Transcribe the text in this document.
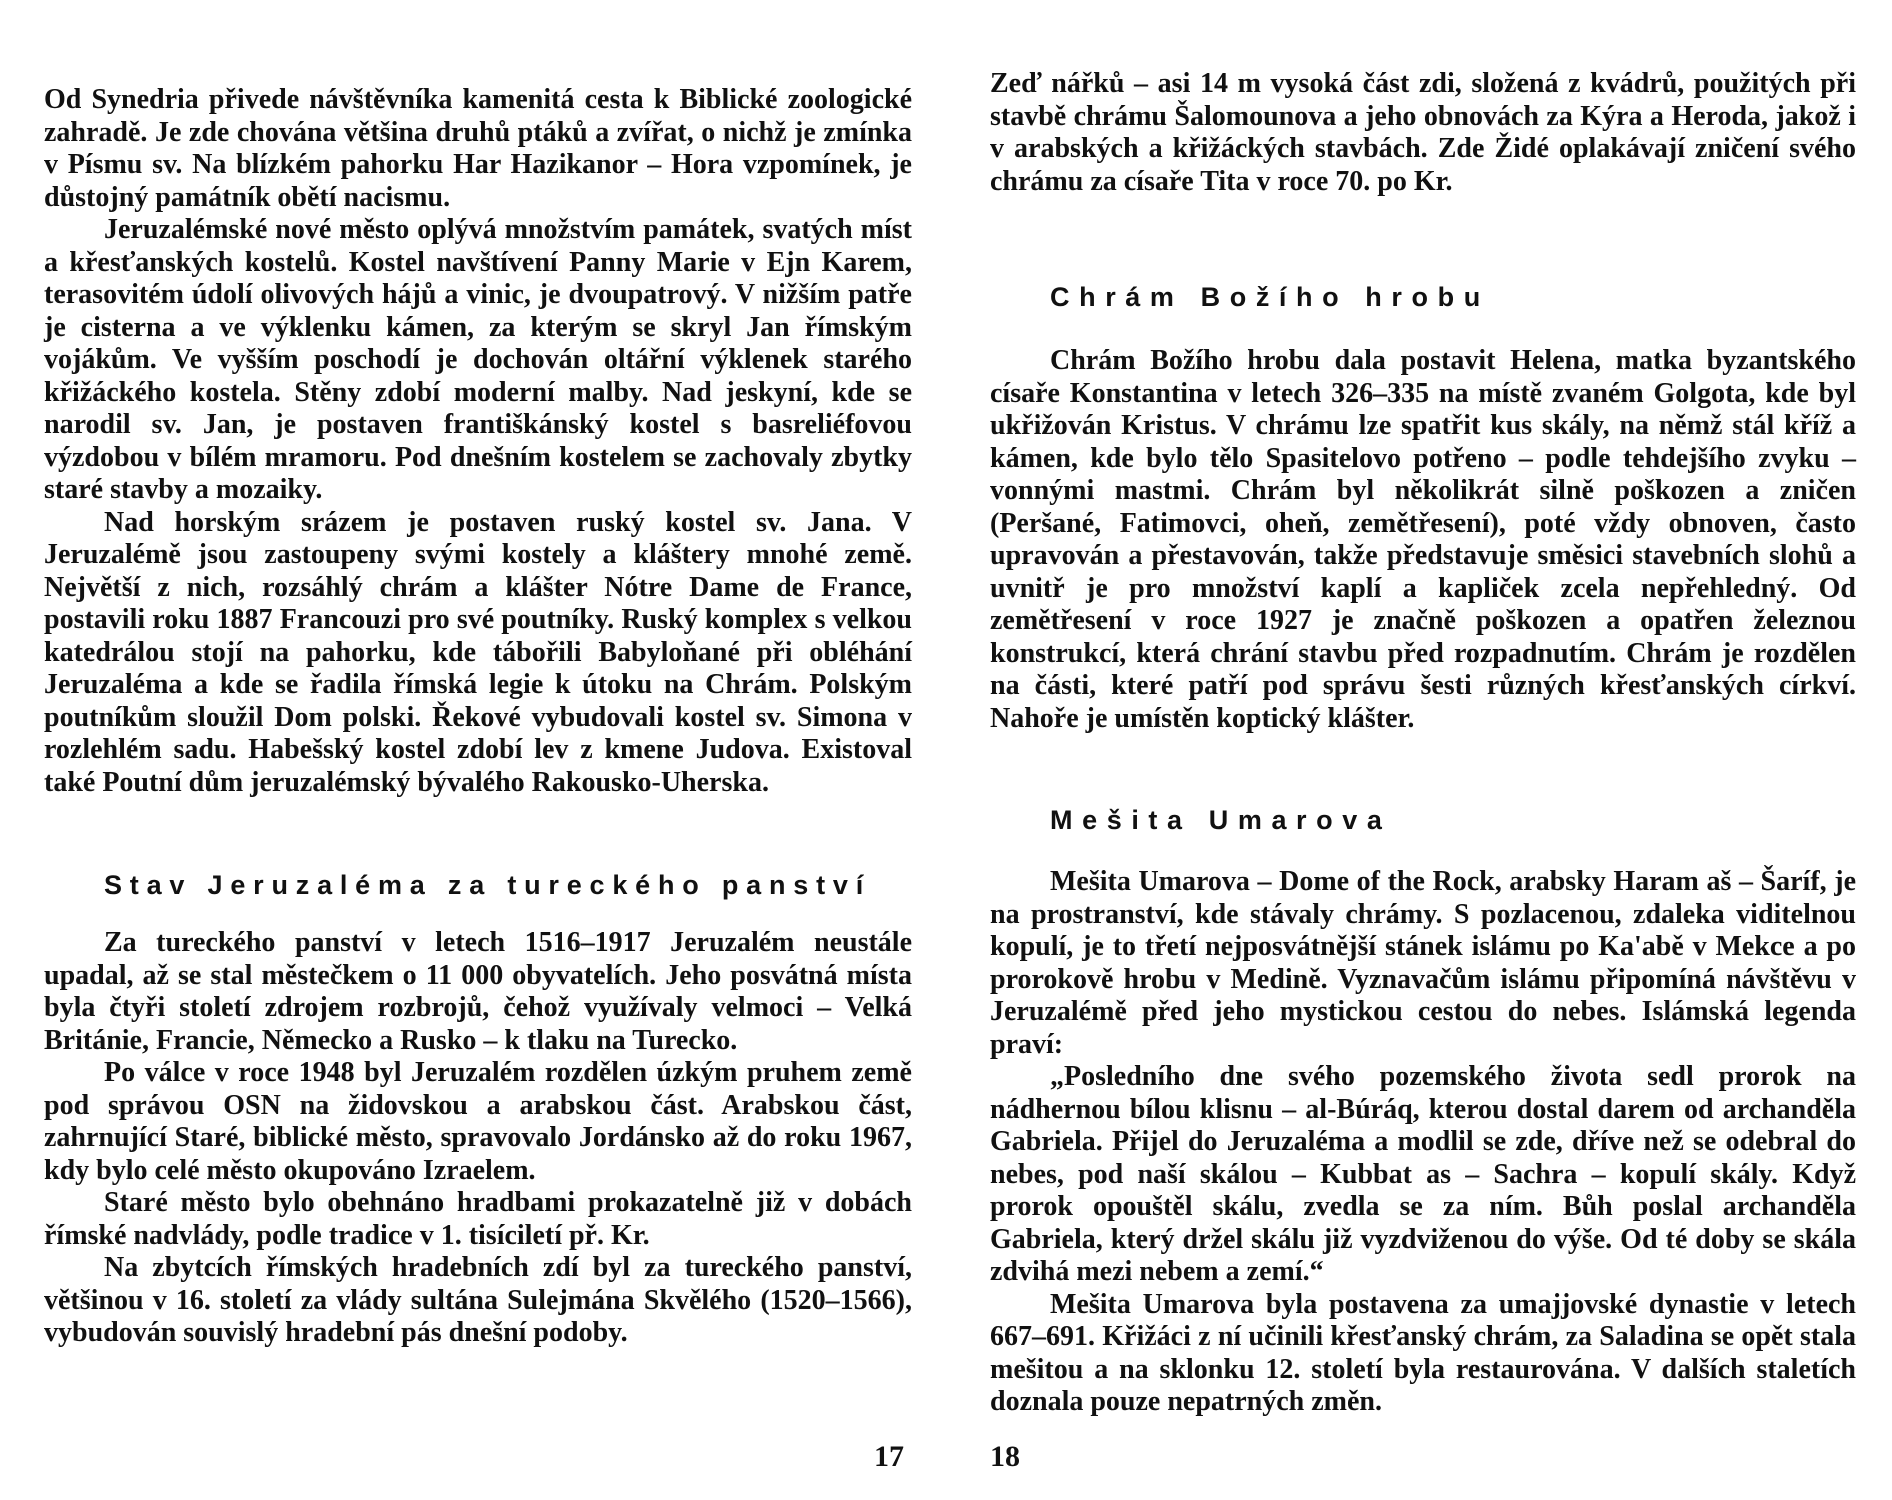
Od Synedria přivede návštěvníka kamenitá cesta k Biblické zoologické zahradě. Je zde chována většina druhů ptáků a zvířat, o nichž je zmínka v Písmu sv. Na blízkém pahorku Har Hazikanor – Hora vzpomínek, je důstojný památník obětí nacismu.

Jeruzalémské nové město oplývá množstvím památek, svatých míst a křesťanských kostelů. Kostel navštívení Panny Marie v Ejn Karem, terasovitém údolí olivových hájů a vinic, je dvoupatrový. V nižším patře je cisterna a ve výklenku kámen, za kterým se skryl Jan římským vojákům. Ve vyšším poschodí je dochován oltářní výklenek starého křižáckého kostela. Stěny zdobí moderní malby. Nad jeskyní, kde se narodil sv. Jan, je postaven františkánský kostel s basreliéfovou výzdobou v bílém mramoru. Pod dnešním kostelem se zachovaly zbytky staré stavby a mozaiky.

Nad horským srázem je postaven ruský kostel sv. Jana. V Jeruzalémě jsou zastoupeny svými kostely a kláštery mnohé země. Největší z nich, rozsáhlý chrám a klášter Nótre Dame de France, postavili roku 1887 Francouzi pro své poutníky. Ruský komplex s velkou katedrálou stojí na pahorku, kde tábořili Babyloňané při obléhání Jeruzaléma a kde se řadila římská legie k útoku na Chrám. Polským poutníkům sloužil Dom polski. Řekové vybudovali kostel sv. Simona v rozlehlém sadu. Habešský kostel zdobí lev z kmene Judova. Existoval také Poutní dům jeruzalémský bývalého Rakousko-Uherska.

Stav Jeruzaléma za tureckého panství

Za tureckého panství v letech 1516–1917 Jeruzalém neustále upadal, až se stal městečkem o 11 000 obyvatelích. Jeho posvátná místa byla čtyři století zdrojem rozbrojů, čehož využívaly velmoci – Velká Británie, Francie, Německo a Rusko – k tlaku na Turecko.

Po válce v roce 1948 byl Jeruzalém rozdělen úzkým pruhem země pod správou OSN na židovskou a arabskou část. Arabskou část, zahrnující Staré, biblické město, spravovalo Jordánsko až do roku 1967, kdy bylo celé město okupováno Izraelem.

Staré město bylo obehnáno hradbami prokazatelně již v dobách římské nadvlády, podle tradice v 1. tisíciletí př. Kr.

Na zbytcích římských hradebních zdí byl za tureckého panství, většinou v 16. století za vlády sultána Sulejmána Skvělého (1520–1566), vybudován souvislý hradební pás dnešní podoby.

17

Zeď nářků – asi 14 m vysoká část zdi, složená z kvádrů, použitých při stavbě chrámu Šalomounova a jeho obnovách za Kýra a Heroda, jakož i v arabských a křižáckých stavbách. Zde Židé oplakávají zničení svého chrámu za císaře Tita v roce 70. po Kr.

Chrám Božího hrobu

Chrám Božího hrobu dala postavit Helena, matka byzantského císaře Konstantina v letech 326–335 na místě zvaném Golgota, kde byl ukřižován Kristus. V chrámu lze spatřit kus skály, na němž stál kříž a kámen, kde bylo tělo Spasitelovo potřeno – podle tehdejšího zvyku – vonnými mastmi. Chrám byl několikrát silně poškozen a zničen (Peršané, Fatimovci, oheň, zemětřesení), poté vždy obnoven, často upravován a přestavován, takže představuje směsici stavebních slohů a uvnitř je pro množství kaplí a kapliček zcela nepřehledný. Od zemětřesení v roce 1927 je značně poškozen a opatřen železnou konstrukcí, která chrání stavbu před rozpadnutím. Chrám je rozdělen na části, které patří pod správu šesti různých křesťanských církví. Nahoře je umístěn koptický klášter.

Mešita Umarova

Mešita Umarova – Dome of the Rock, arabsky Haram aš – Šaríf, je na prostranství, kde stávaly chrámy. S pozlacenou, zdaleka viditelnou kopulí, je to třetí nejposvátnější stánek islámu po Ka'abě v Mekce a po prorokově hrobu v Medině. Vyznavačům islámu připomíná návštěvu v Jeruzalémě před jeho mystickou cestou do nebes. Islámská legenda praví:

„Posledního dne svého pozemského života sedl prorok na nádhernou bílou klisnu – al-Búráq, kterou dostal darem od archanděla Gabriela. Přijel do Jeruzaléma a modlil se zde, dříve než se odebral do nebes, pod naší skálou – Kubbat as – Sachra – kopulí skály. Když prorok opouštěl skálu, zvedla se za ním. Bůh poslal archanděla Gabriela, který držel skálu již vyzdviženou do výše. Od té doby se skála zdvihá mezi nebem a zemí.“

Mešita Umarova byla postavena za umajjovské dynastie v letech 667–691. Křižáci z ní učinili křesťanský chrám, za Saladina se opět stala mešitou a na sklonku 12. století byla restaurována. V dalších staletích doznala pouze nepatrných změn.

18
